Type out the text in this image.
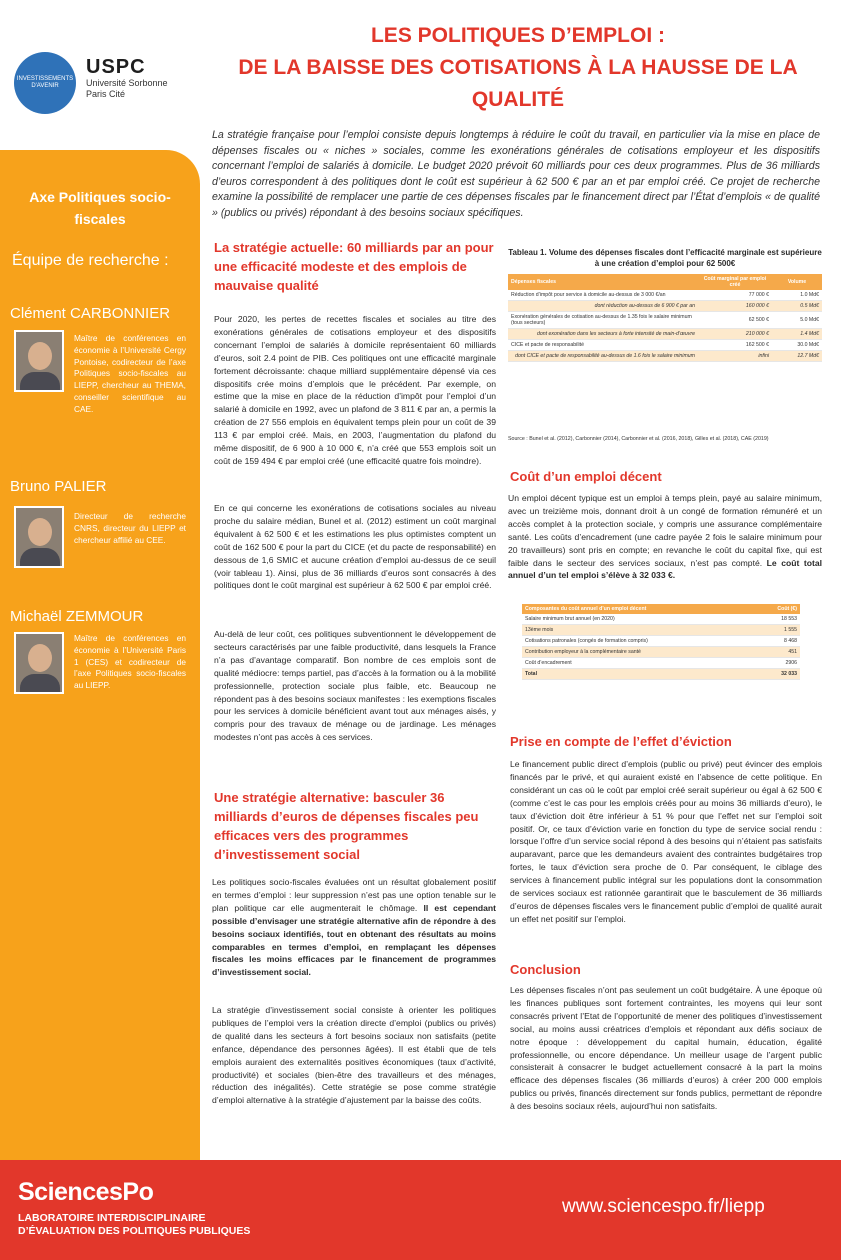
INVESTISSEMENTS D'AVENIR
USPC
Université Sorbonne
Paris Cité
LES POLITIQUES D’EMPLOI :
DE LA BAISSE DES COTISATIONS À LA HAUSSE DE LA
QUALITÉ
La stratégie française pour l’emploi consiste depuis longtemps à réduire le coût du travail, en particulier via la mise en place de dépenses fiscales ou « niches » sociales, comme les exonérations générales de cotisations employeur et les dispositifs concernant l’emploi de salariés à domicile. Le budget 2020 prévoit 60 milliards pour ces deux programmes. Plus de 36 milliards d’euros correspondent à des politiques dont le coût est supérieur à 62 500 € par an et par emploi créé. Ce projet de recherche examine la possibilité de remplacer une partie de ces dépenses fiscales par le financement direct par l’État d’emplois « de qualité » (publics ou privés) répondant à des besoins sociaux spécifiques.
Axe Politiques socio-fiscales
Équipe de recherche :
Clément CARBONNIER
Maître de conférences en économie à l’Université Cergy Pontoise, codirecteur de l’axe Politiques socio-fiscales au LIEPP, chercheur au THEMA, conseiller scientifique au CAE.
Bruno PALIER
Directeur de recherche CNRS, directeur du LIEPP et chercheur affilié au CEE.
Michaël ZEMMOUR
Maître de conférences en économie à l’Université Paris 1 (CES) et codirecteur de l’axe Politiques socio-fiscales au LIEPP.
La stratégie actuelle: 60 milliards par an pour une efficacité modeste et des emplois de mauvaise qualité
Pour 2020, les pertes de recettes fiscales et sociales au titre des exonérations générales de cotisations employeur et des dispositifs concernant l’emploi de salariés à domicile représentaient 60 milliards d’euros, soit 2.4 point de PIB. Ces politiques ont une efficacité marginale fortement décroissante: chaque milliard supplémentaire dépensé via ces dispositifs crée moins d’emplois que le précédent. Par exemple, on estime que la mise en place de la réduction d’impôt pour l’emploi d’un salarié à domicile en 1992, avec un plafond de 3 811 € par an, a permis la création de 27 556 emplois en équivalent temps plein pour un coût de 39 113 € par emploi créé. Mais, en 2003, l’augmentation du plafond du même dispositif, de 6 900 à 10 000 €, n’a créé que 553 emplois soit un coût de 159 494 € par emploi créé (une efficacité quatre fois moindre).
En ce qui concerne les exonérations de cotisations sociales au niveau proche du salaire médian, Bunel et al. (2012) estiment un coût marginal équivalent à 62 500 € et les estimations les plus optimistes comptent un coût de 162 500 € pour la part du CICE (et du pacte de responsabilité) en dessous de 1,6 SMIC et aucune création d’emploi au-dessus de ce seuil (voir tableau 1). Ainsi, plus de 36 milliards d’euros sont consacrés à des politiques dont le coût marginal est supérieur à 62 500 € par emploi créé.
Au-delà de leur coût, ces politiques subventionnent le développement de secteurs caractérisés par une faible productivité, dans lesquels la France n’a pas d’avantage comparatif. Bon nombre de ces emplois sont de qualité médiocre: temps partiel, pas d’accès à la formation ou à la mobilité professionnelle, protection sociale plus faible, etc. Beaucoup ne répondent pas à des besoins sociaux manifestes : les exemptions fiscales pour les services à domicile bénéficient avant tout aux ménages aisés, y compris pour des travaux de ménage ou de jardinage. Les ménages modestes n’ont pas accès à ces services.
Une stratégie alternative: basculer 36 milliards d’euros de dépenses fiscales peu efficaces vers des programmes d’investissement social
Les politiques socio-fiscales évaluées ont un résultat globalement positif en termes d’emploi : leur suppression n’est pas une option tenable sur le plan politique car elle augmenterait le chômage. Il est cependant possible d’envisager une stratégie alternative afin de répondre à des besoins sociaux identifiés, tout en obtenant des résultats au moins comparables en termes d’emploi, en remplaçant les dépenses fiscales les moins efficaces par le financement de programmes d’investissement social.
La stratégie d’investissement social consiste à orienter les politiques publiques de l’emploi vers la création directe d’emploi (publics ou privés) de qualité dans les secteurs à fort besoins sociaux non satisfaits (petite enfance, dépendance des personnes âgées). Il est établi que de tels emplois auraient des externalités positives économiques (taux d’activité, productivité) et sociales (bien-être des travailleurs et des ménages, réduction des inégalités). Cette stratégie se pose comme stratégie d’emploi alternative à la stratégie d’ajustement par la baisse des coûts.
Tableau 1. Volume des dépenses fiscales dont l’efficacité marginale est supérieure à une création d’emploi pour 62 500€
Dépenses fiscales	Coût marginal par emploi créé	Volume
Réduction d’impôt pour service à domicile au-dessus de 3 000 €/an	77 000 €	1.0 Md€
dont réduction au-dessus de 6 900 € par an	160 000 €	0.5 Md€
Exonération générales de cotisation au-dessus de 1.35 fois le salaire minimum (tous secteurs)	62 500 €	5.0 Md€
dont exonération dans les secteurs à forte intensité de main-d’œuvre	210 000 €	1.4 Md€
CICE et pacte de responsabilité	162 500 €	30.0 Md€
dont CICE et pacte de responsabilité au-dessus de 1.6 fois le salaire minimum	infini	12.7 Md€
Source : Bunel et al. (2012), Carbonnier (2014), Carbonnier et al. (2016, 2018), Gilles et al. (2018), CAE (2019)
Coût d’un emploi décent
Un emploi décent typique est un emploi à temps plein, payé au salaire minimum, avec un treizième mois, donnant droit à un congé de formation rémunéré et un accès complet à la protection sociale, y compris une assurance complémentaire santé. Les coûts d’encadrement (une cadre payée 2 fois le salaire minimum pour 20 travailleurs) sont pris en compte; en revanche le coût du capital fixe, qui est faible dans le secteur des services sociaux, n’est pas compté. Le coût total annuel d’un tel emploi s’élève à 32 033 €.
Composantes du coût annuel d’un emploi décent	Coût (€)
Salaire minimum brut annuel (en 2020)	18 553
13ème mois	1 555
Cotisations patronales (congés de formation compris)	8 468
Contribution employeur à la complémentaire santé	451
Coût d’encadrement	2906
Total	32 033
Prise en compte de l’effet d’éviction
Le financement public direct d’emplois (public ou privé) peut évincer des emplois financés par le privé, et qui auraient existé en l’absence de cette politique. En considérant un cas où le coût par emploi créé serait supérieur ou égal à 62 500 € (comme c’est le cas pour les emplois créés pour au moins 36 milliards d’euro), le taux d’éviction doit être inférieur à 51 % pour que l’effet net sur l’emploi soit positif. Or, ce taux d’éviction varie en fonction du type de service social rendu : lorsque l’offre d’un service social répond à des besoins qui n’étaient pas satisfaits auparavant, parce que les demandeurs avaient des contraintes budgétaires trop fortes, le taux d’éviction sera proche de 0. Par conséquent, le ciblage des services à financement public intégral sur les populations dont la consommation de services sociaux est rationnée garantirait que le basculement de 36 milliards d’euros de dépenses fiscales vers le financement public d’emploi de qualité aurait un effet net positif sur l’emploi.
Conclusion
Les dépenses fiscales n’ont pas seulement un coût budgétaire. À une époque où les finances publiques sont fortement contraintes, les moyens qui leur sont consacrés privent l’Etat de l’opportunité de mener des politiques d’investissement social, au moins aussi créatrices d’emplois et répondant aux défis sociaux de notre époque : développement du capital humain, éducation, égalité professionnelle, ou encore dépendance. Un meilleur usage de l’argent public consisterait à consacrer le budget actuellement consacré à la part la moins efficace des dépenses fiscales (36 milliards d’euros) à créer 200 000 emplois publics ou privés, financés directement sur fonds publics, permettant de répondre à des besoins sociaux réels, aujourd’hui non satisfaits.
SciencesPo
LABORATOIRE INTERDISCIPLINAIRE
D’ÉVALUATION DES POLITIQUES PUBLIQUES
www.sciencespo.fr/liepp
